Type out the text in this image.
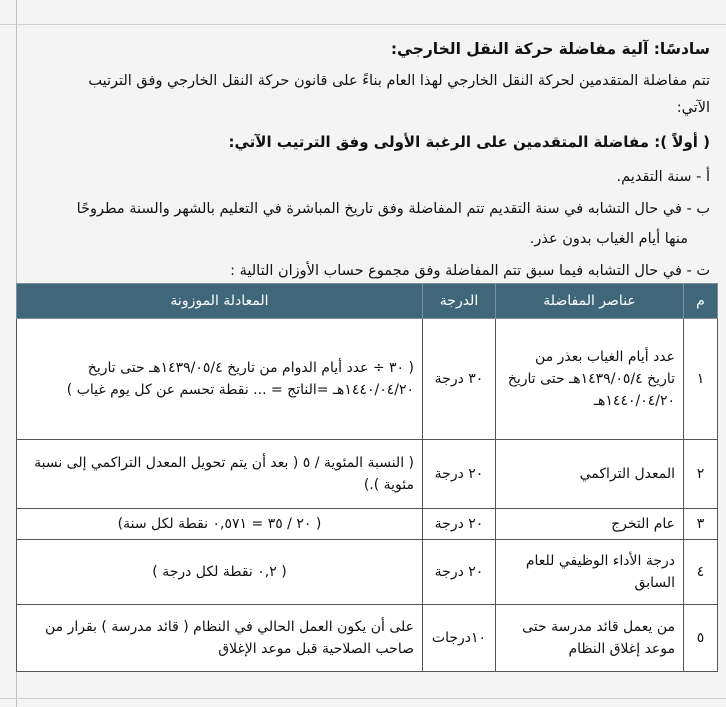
سادسًا: آلية مفاضلة حركة النقل الخارجي:
تتم مفاضلة المتقدمين لحركة النقل الخارجي لهذا العام بناءً على قانون حركة النقل الخارجي وفق الترتيب
الآتي:
( أولاً ): مفاضلة المتقدمين على الرغبة الأولى وفق الترتيب الآتي:
أ - سنة التقديم.
ب - في حال التشابه في سنة التقديم تتم المفاضلة وفق تاريخ المباشرة في التعليم بالشهر والسنة مطروحًا
منها أيام الغياب بدون عذر.
ت - في حال التشابه فيما سبق تتم المفاضلة وفق مجموع حساب الأوزان التالية :
م	عناصر المفاضلة	الدرجة	المعادلة الموزونة
١	عدد أيام الغياب بعذر من تاريخ ١٤٣٩/٠٥/٤هـ حتى تاريخ ١٤٤٠/٠٤/٢٠هـ	٣٠ درجة	( ٣٠ ÷ عدد أيام الدوام من تاريخ ١٤٣٩/٠٥/٤هـ حتى تاريخ ١٤٤٠/٠٤/٢٠هـ =الناتج = ... نقطة تحسم عن كل يوم غياب )
٢	المعدل التراكمي	٢٠ درجة	( النسبة المئوية / ٥ ( بعد أن يتم تحويل المعدل التراكمي إلى نسبة مئوية ).)
٣	عام التخرج	٢٠ درجة	( ٢٠ / ٣٥ = ٠,٥٧١ نقطة لكل سنة)
٤	درجة الأداء الوظيفي للعام السابق	٢٠ درجة	( ٠,٢ نقطة لكل درجة )
٥	من يعمل قائد مدرسة حتى موعد إغلاق النظام	١٠درجات	على أن يكون العمل الحالي في النظام ( قائد مدرسة ) بقرار من صاحب الصلاحية قبل موعد الإغلاق
